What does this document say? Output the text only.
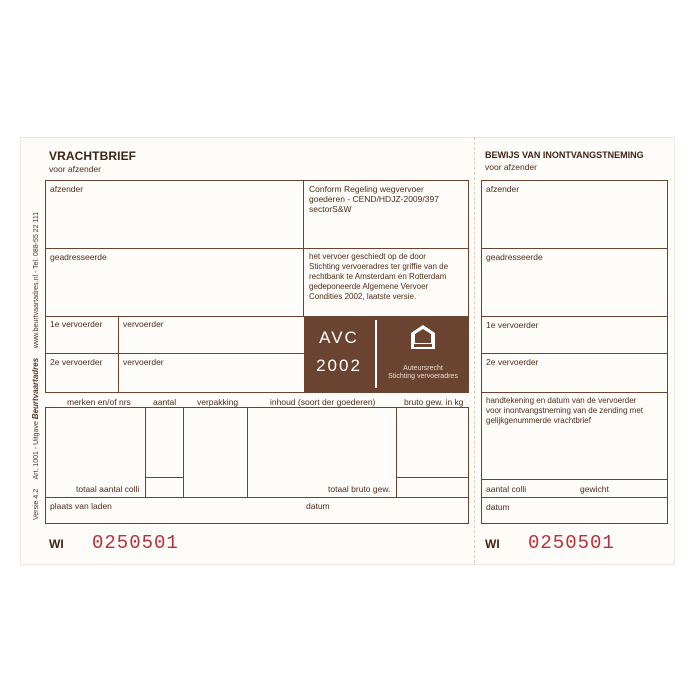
Versie 4.2     Art. 1001 - Uitgave Beurtvaartadres     www.beurtvaartadres.nl - Tel. 088-55 22 111
VRACHTBRIEF
voor afzender
afzender	Conform Regeling wegvervoer
goederen - CEND/HDJZ-2009/397
sectorS&W
geadresseerde	het vervoer geschiedt op de door
Stichting vervoeradres ter griffie van de
rechtbank te Amsterdam en Rotterdam
gedeponeerde Algemene Vervoer
Condities 2002, laatste versie.
1e vervoerder vervoerder
2e vervoerder vervoerder
AVC
2002	Auteursrecht
Stichting vervoeradres
merken en/of nrs	aantal verpakking	inhoud (soort der goederen)	bruto gew. in kg
totaal aantal colli	totaal bruto gew.
plaats van laden	datum
WI 0250501
BEWIJS VAN INONTVANGSTNEMING
voor afzender
afzender
geadresseerde
1e vervoerder
2e vervoerder
handtekening en datum van de vervoerder
voor inontvangstneming van de zending met
gelijkgenummerde vrachtbrief
aantal colli	gewicht
datum
WI 0250501
